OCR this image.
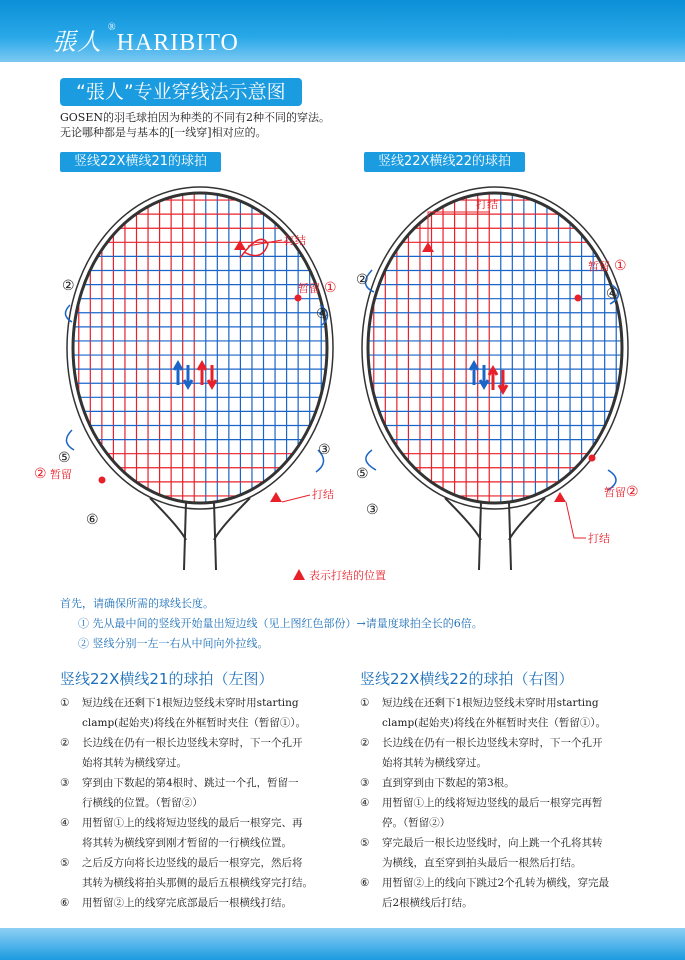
張人®HARIBITO
“張人”专业穿线法示意图
GOSEN的羽毛球拍因为种类的不同有2种不同的穿法。
无论哪种都是与基本的[一线穿]相对应的。
竖线22X横线21的球拍	竖线22X横线22的球拍
打结
暂留
暂留
打结
②	①
④
⑤
②
③
⑥
打结
暂留
暂留
打结
①
②
④
⑤
③
②
表示打结的位置
首先，请确保所需的球线长度。
① 先从最中间的竖线开始量出短边线（见上图红色部份）→请量度球拍全长的6倍。
② 竖线分别一左一右从中间向外拉线。
竖线22X横线21的球拍（左图）
① 短边线在还剩下1根短边竖线未穿时用starting
clamp(起始夹)将线在外框暂时夹住（暂留①）。
② 长边线在仍有一根长边竖线未穿时，下一个孔开
始将其转为横线穿过。
③ 穿到由下数起的第4根时、跳过一个孔，暂留一
行横线的位置。（暂留②）
④ 用暂留①上的线将短边竖线的最后一根穿完、再
将其转为横线穿到刚才暂留的一行横线位置。
⑤ 之后反方向将长边竖线的最后一根穿完，然后将
其转为横线将拍头那侧的最后五根横线穿完打结。
⑥ 用暂留②上的线穿完底部最后一根横线打结。
竖线22X横线22的球拍（右图）
① 短边线在还剩下1根短边竖线未穿时用starting
clamp(起始夹)将线在外框暂时夹住（暂留①）。
② 长边线在仍有一根长边竖线未穿时，下一个孔开
始将其转为横线穿过。
③ 直到穿到由下数起的第3根。
④ 用暂留①上的线将短边竖线的最后一根穿完再暂
停。（暂留②）
⑤ 穿完最后一根长边竖线时，向上跳一个孔将其转
为横线，直至穿到拍头最后一根然后打结。
⑥ 用暂留②上的线向下跳过2个孔转为横线，穿完最
后2根横线后打结。
